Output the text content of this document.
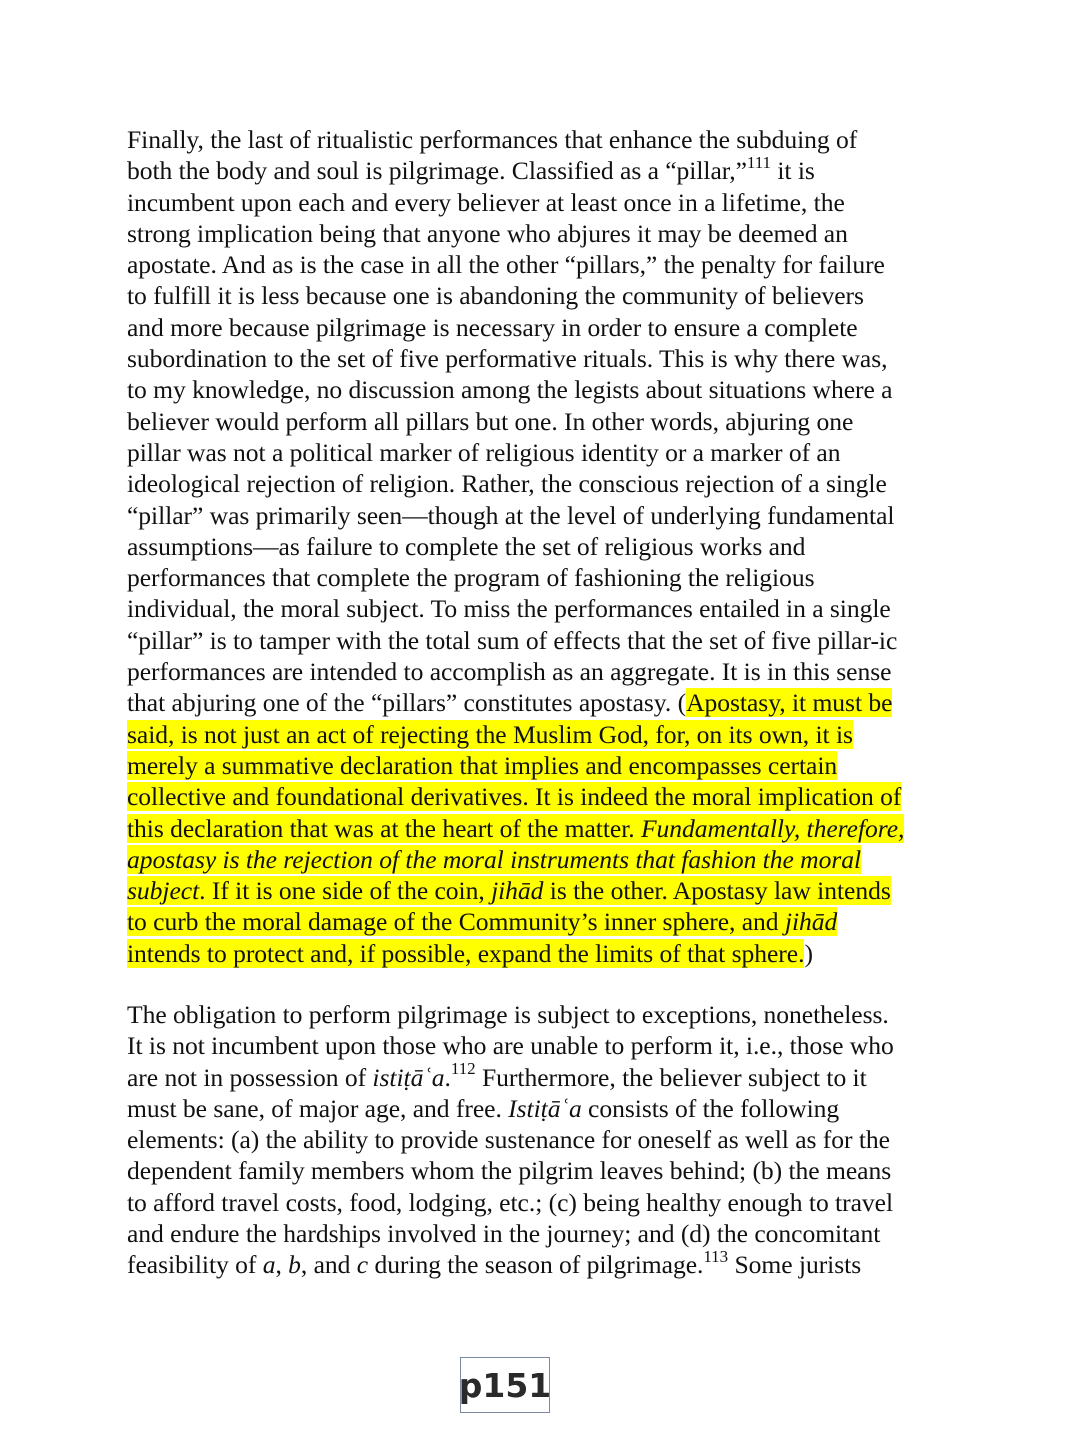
Finally, the last of ritualistic performances that enhance the subduing of
both the body and soul is pilgrimage. Classified as a “pillar,”$^{111}$ it is
incumbent upon each and every believer at least once in a lifetime, the
strong implication being that anyone who abjures it may be deemed an
apostate. And as is the case in all the other “pillars,” the penalty for failure
to fulfill it is less because one is abandoning the community of believers
and more because pilgrimage is necessary in order to ensure a complete
subordination to the set of five performative rituals. This is why there was,
to my knowledge, no discussion among the legists about situations where a
believer would perform all pillars but one. In other words, abjuring one
pillar was not a political marker of religious identity or a marker of an
ideological rejection of religion. Rather, the conscious rejection of a single
“pillar” was primarily seen—though at the level of underlying fundamental
assumptions—as failure to complete the set of religious works and
performances that complete the program of fashioning the religious
individual, the moral subject. To miss the performances entailed in a single
“pillar” is to tamper with the total sum of effects that the set of five pillar-ic
performances are intended to accomplish as an aggregate. It is in this sense
that abjuring one of the “pillars” constitutes apostasy. (Apostasy, it must be
said, is not just an act of rejecting the Muslim God, for, on its own, it is
merely a summative declaration that implies and encompasses certain
collective and foundational derivatives. It is indeed the moral implication of
this declaration that was at the heart of the matter. Fundamentally, therefore,
apostasy is the rejection of the moral instruments that fashion the moral
subject. If it is one side of the coin, jihād is the other. Apostasy law intends
to curb the moral damage of the Community’s inner sphere, and jihād
intends to protect and, if possible, expand the limits of that sphere.)
The obligation to perform pilgrimage is subject to exceptions, nonetheless.
It is not incumbent upon those who are unable to perform it, i.e., those who
are not in possession of istiṭāʿa.$^{112}$ Furthermore, the believer subject to it
must be sane, of major age, and free. Istiṭāʿa consists of the following
elements: (a) the ability to provide sustenance for oneself as well as for the
dependent family members whom the pilgrim leaves behind; (b) the means
to afford travel costs, food, lodging, etc.; (c) being healthy enough to travel
and endure the hardships involved in the journey; and (d) the concomitant
feasibility of a, b, and c during the season of pilgrimage.$^{113}$ Some jurists
p151
